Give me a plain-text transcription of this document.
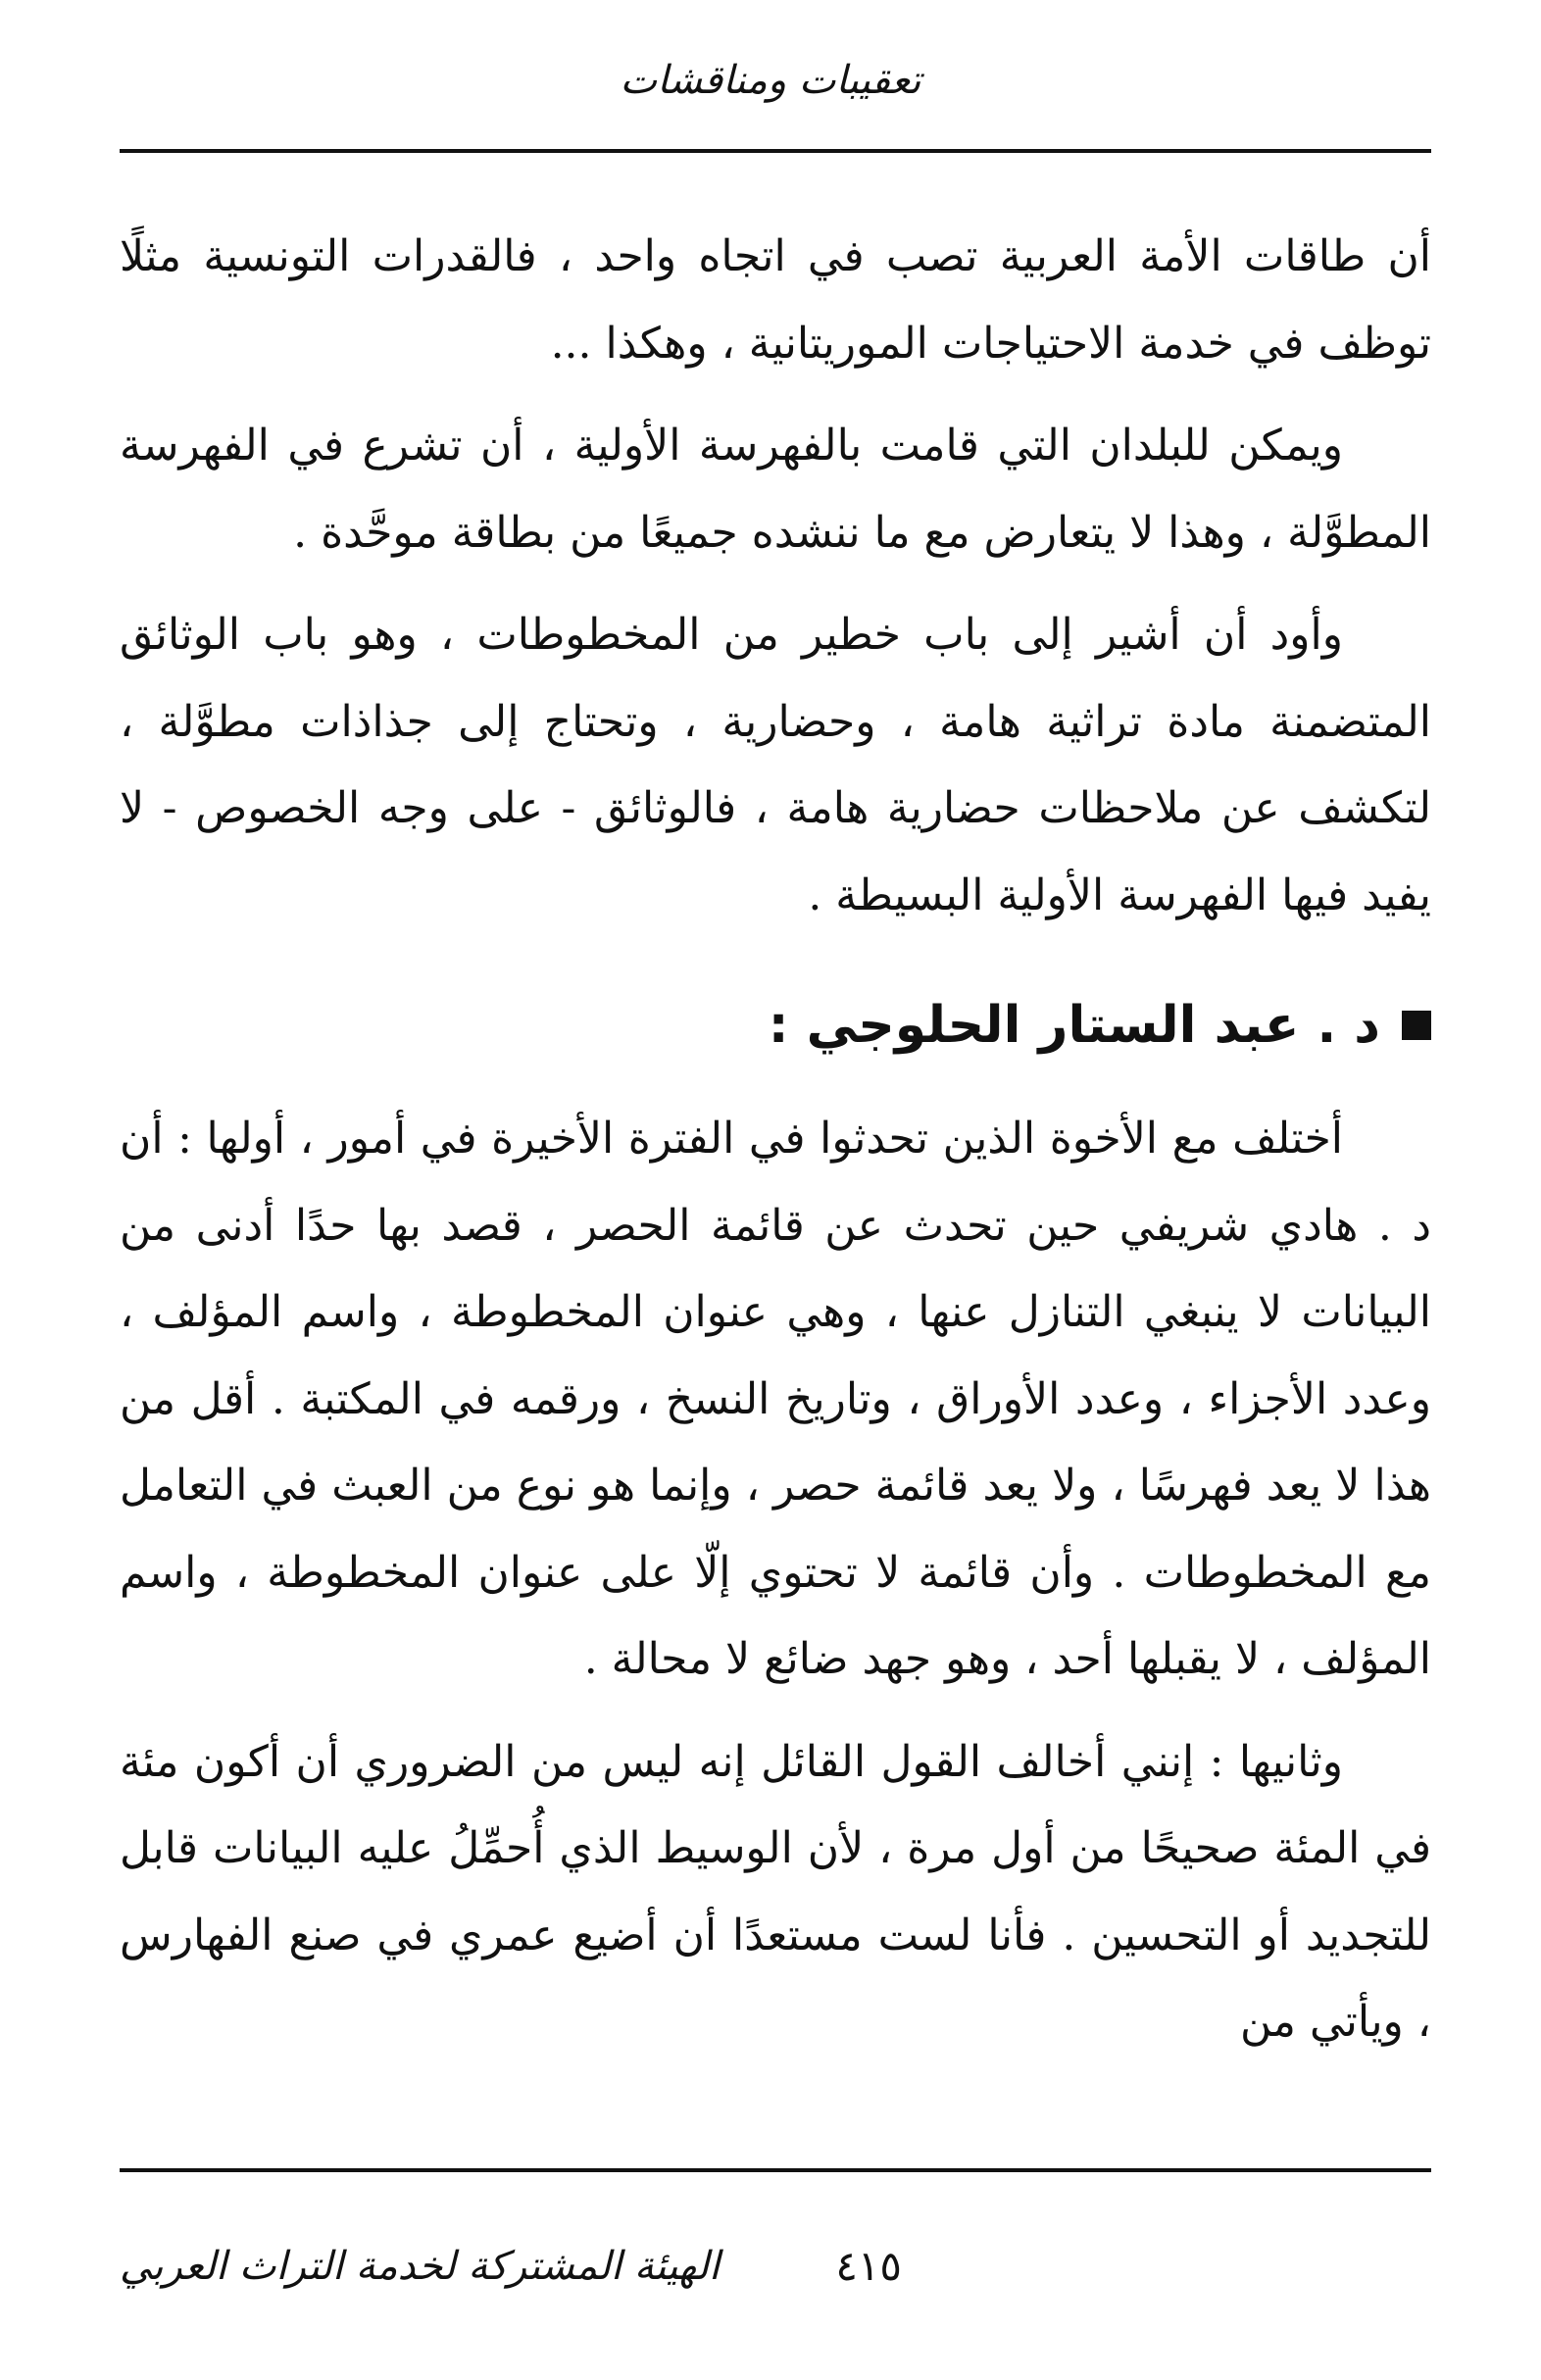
تعقيبات ومناقشات

أن طاقات الأمة العربية تصب في اتجاه واحد ، فالقدرات التونسية مثلًا توظف في خدمة الاحتياجات الموريتانية ، وهكذا ...

ويمكن للبلدان التي قامت بالفهرسة الأولية ، أن تشرع في الفهرسة المطوَّلة ، وهذا لا يتعارض مع ما ننشده جميعًا من بطاقة موحَّدة .

وأود أن أشير إلى باب خطير من المخطوطات ، وهو باب الوثائق المتضمنة مادة تراثية هامة ، وحضارية ، وتحتاج إلى جذاذات مطوَّلة ، لتكشف عن ملاحظات حضارية هامة ، فالوثائق - على وجه الخصوص - لا يفيد فيها الفهرسة الأولية البسيطة .

د . عبد الستار الحلوجي :

أختلف مع الأخوة الذين تحدثوا في الفترة الأخيرة في أمور ، أولها : أن د . هادي شريفي حين تحدث عن قائمة الحصر ، قصد بها حدًا أدنى من البيانات لا ينبغي التنازل عنها ، وهي عنوان المخطوطة ، واسم المؤلف ، وعدد الأجزاء ، وعدد الأوراق ، وتاريخ النسخ ، ورقمه في المكتبة . أقل من هذا لا يعد فهرسًا ، ولا يعد قائمة حصر ، وإنما هو نوع من العبث في التعامل مع المخطوطات . وأن قائمة لا تحتوي إلّا على عنوان المخطوطة ، واسم المؤلف ، لا يقبلها أحد ، وهو جهد ضائع لا محالة .

وثانيها : إنني أخالف القول القائل إنه ليس من الضروري أن أكون مئة في المئة صحيحًا من أول مرة ، لأن الوسيط الذي أُحمِّلُ عليه البيانات قابل للتجديد أو التحسين . فأنا لست مستعدًا أن أضيع عمري في صنع الفهارس ، ويأتي من

٤١٥
الهيئة المشتركة لخدمة التراث العربي
